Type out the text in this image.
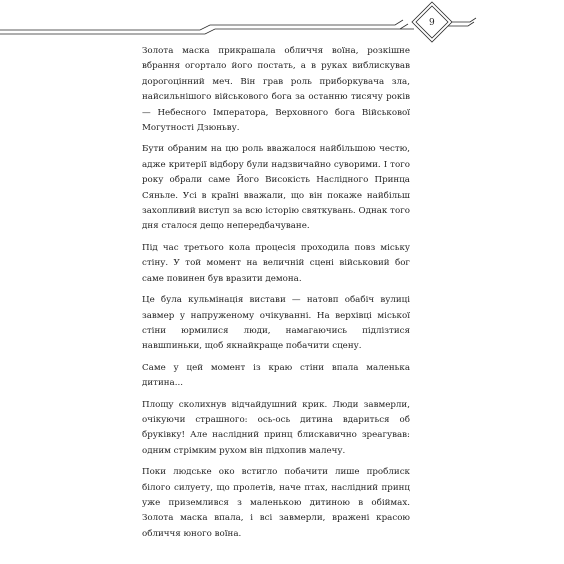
9

Золота маска прикрашала обличчя воїна, розкішне вбрання огортало його постать, а в руках виблискував дорогоцінний меч. Він грав роль приборкувача зла, найсильнішого військового бога за останню тисячу років — Небесного Імператора, Верховного бога Військової Могутності Дзюньву.

Бути обраним на цю роль вважалося найбільшою честю, адже критерії відбору були надзвичайно суворими. І того року обрали саме Його Високість Наслідного Принца Сяньле. Усі в країні вважали, що він покаже найбільш захопливий виступ за всю історію святкувань. Однак того дня сталося дещо непередбачуване.

Під час третього кола процесія проходила повз міську стіну. У той момент на величній сцені військовий бог саме повинен був вразити демона.

Це була кульмінація вистави — натовп обабіч вулиці завмер у напруженому очікуванні. На верхівці міської стіни юрмилися люди, намагаючись підлізтися навшпиньки, щоб якнайкраще побачити сцену.

Саме у цей момент із краю стіни впала маленька дитина...

Площу сколихнув відчайдушний крик. Люди завмерли, очікуючи страшного: ось-ось дитина вдариться об бруківку! Але наслідний принц блискавично зреагував: одним стрімким рухом він підхопив малечу.

Поки людське око встигло побачити лише проблиск білого силуету, що пролетів, наче птах, наслідний принц уже приземлився з маленькою дитиною в обіймах. Золота маска впала, і всі завмерли, вражені красою обличчя юного воїна.
